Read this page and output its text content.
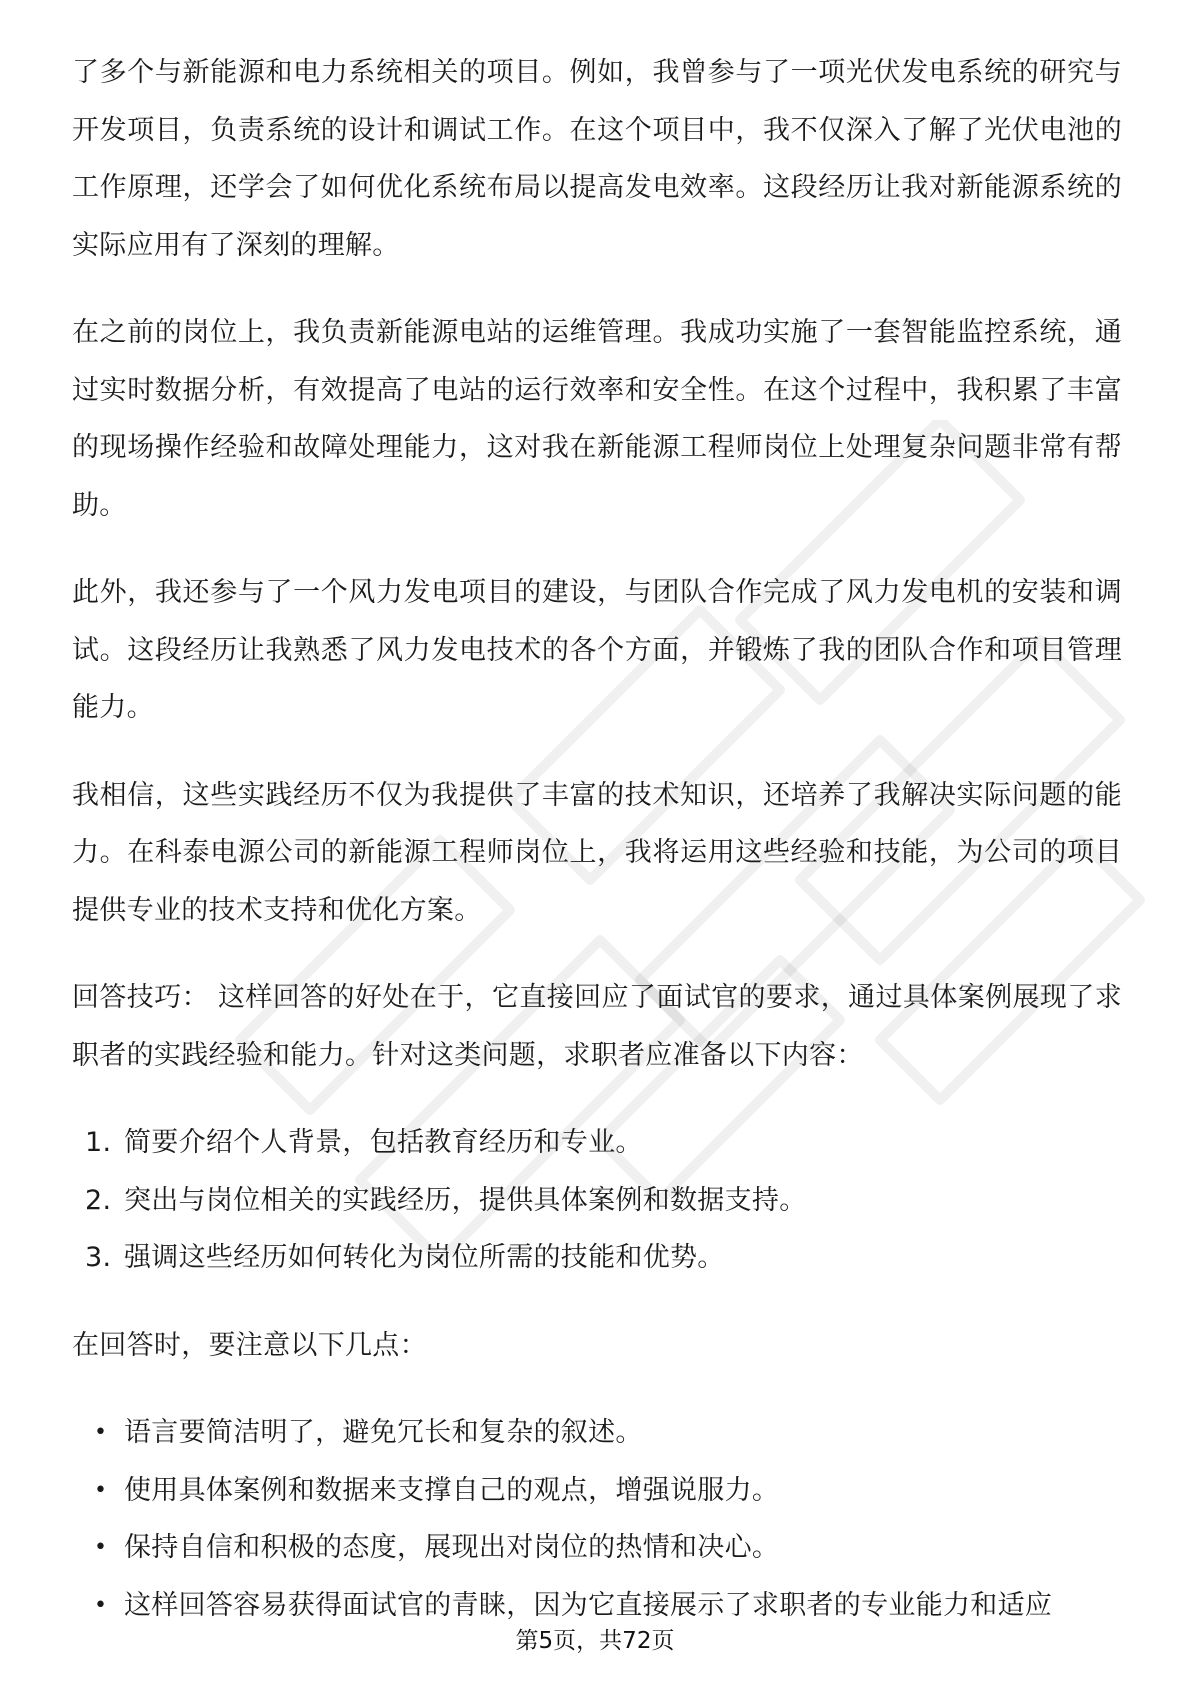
了多个与新能源和电力系统相关的项目。例如，我曾参与了一项光伏发电系统的研究与开发项目，负责系统的设计和调试工作。在这个项目中，我不仅深入了解了光伏电池的工作原理，还学会了如何优化系统布局以提高发电效率。这段经历让我对新能源系统的实际应用有了深刻的理解。

在之前的岗位上，我负责新能源电站的运维管理。我成功实施了一套智能监控系统，通过实时数据分析，有效提高了电站的运行效率和安全性。在这个过程中，我积累了丰富的现场操作经验和故障处理能力，这对我在新能源工程师岗位上处理复杂问题非常有帮助。

此外，我还参与了一个风力发电项目的建设，与团队合作完成了风力发电机的安装和调试。这段经历让我熟悉了风力发电技术的各个方面，并锻炼了我的团队合作和项目管理能力。

我相信，这些实践经历不仅为我提供了丰富的技术知识，还培养了我解决实际问题的能力。在科泰电源公司的新能源工程师岗位上，我将运用这些经验和技能，为公司的项目提供专业的技术支持和优化方案。

回答技巧： 这样回答的好处在于，它直接回应了面试官的要求，通过具体案例展现了求职者的实践经验和能力。针对这类问题，求职者应准备以下内容：

1. 简要介绍个人背景，包括教育经历和专业。
2. 突出与岗位相关的实践经历，提供具体案例和数据支持。
3. 强调这些经历如何转化为岗位所需的技能和优势。

在回答时，要注意以下几点：

• 语言要简洁明了，避免冗长和复杂的叙述。
• 使用具体案例和数据来支撑自己的观点，增强说服力。
• 保持自信和积极的态度，展现出对岗位的热情和决心。
• 这样回答容易获得面试官的青睐，因为它直接展示了求职者的专业能力和适应
第5页，共72页
